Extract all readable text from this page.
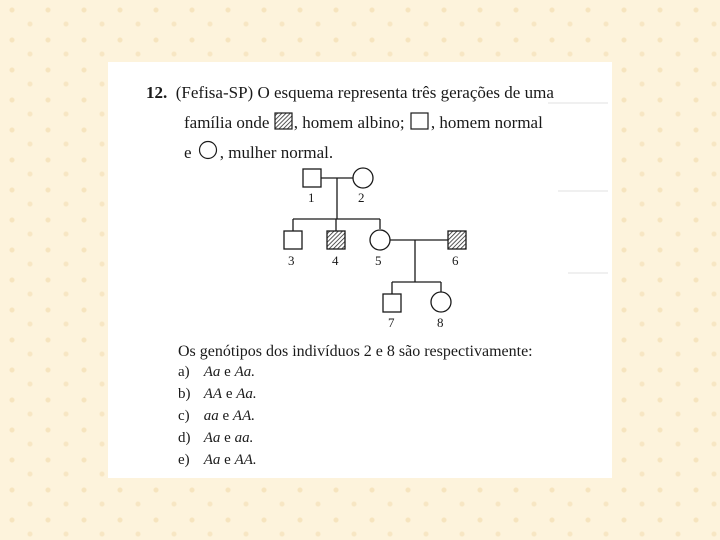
12. (Fefisa-SP) O esquema representa três gerações de uma
família onde , homem albino; , homem normal
e , mulher normal.
1	2
3	4	5	6
7	8
Os genótipos dos indivíduos 2 e 8 são respectivamente:
a) Aa e Aa.
b) AA e Aa.
c) aa e AA.
d) Aa e aa.
e) Aa e AA.
